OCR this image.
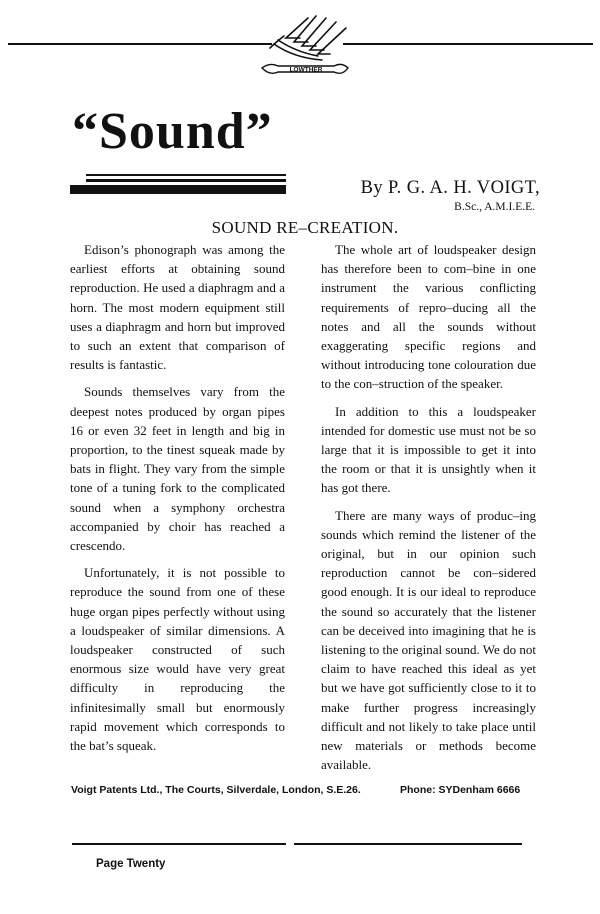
LOWTHER
“Sound”
By P. G. A. H. VOIGT,
B.Sc., A.M.I.E.E.
SOUND RE–CREATION.

Edison’s phonograph was among the earliest efforts at obtaining sound reproduction. He used a diaphragm and a horn. The most modern equipment still uses a diaphragm and horn but improved to such an extent that comparison of results is fantastic.

Sounds themselves vary from the deepest notes produced by organ pipes 16 or even 32 feet in length and big in proportion, to the tinest squeak made by bats in flight. They vary from the simple tone of a tuning fork to the complicated sound when a symphony orchestra accompanied by choir has reached a crescendo.

Unfortunately, it is not possible to reproduce the sound from one of these huge organ pipes perfectly without using a loudspeaker of similar dimensions. A loudspeaker constructed of such enormous size would have very great difficulty in reproducing the infinitesimally small but enormously rapid movement which corresponds to the bat’s squeak.

The whole art of loudspeaker design has therefore been to com–bine in one instrument the various conflicting requirements of repro–ducing all the notes and all the sounds without exaggerating specific regions and without introducing tone colouration due to the con–struction of the speaker.

In addition to this a loudspeaker intended for domestic use must not be so large that it is impossible to get it into the room or that it is unsightly when it has got there.

There are many ways of produc–ing sounds which remind the listener of the original, but in our opinion such reproduction cannot be con–sidered good enough. It is our ideal to reproduce the sound so accurately that the listener can be deceived into imagining that he is listening to the original sound. We do not claim to have reached this ideal as yet but we have got sufficiently close to it to make further progress increasingly difficult and not likely to take place until new materials or methods become available.

Voigt Patents Ltd., The Courts, Silverdale, London, S.E.26.	Phone: SYDenham 6666
Page Twenty
